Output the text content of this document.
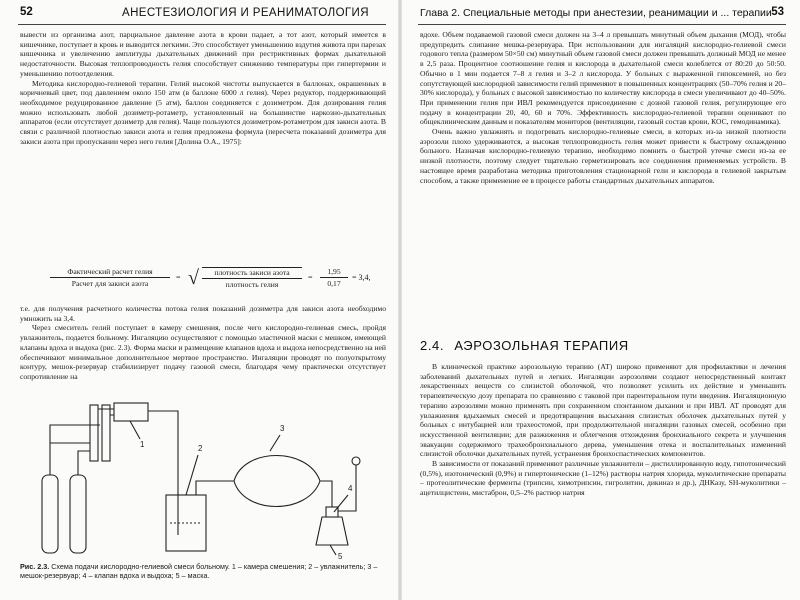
52	АНЕСТЕЗИОЛОГИЯ И РЕАНИМАТОЛОГИЯ

вывести из организма азот, парциальное давление азота в крови падает, а тот азот, который имеется в кишечнике, поступает в кровь и выводится легкими. Это способствует уменьшению вздутия живота при парезах кишечника и увеличению амплитуды дыхательных движений при рестриктивных формах дыхательной недостаточности. Высокая теплопроводность гелия способствует снижению температуры при гипертермии и уменьшению потоотделения.

Методика кислородно-гелиевой терапии. Гелий высокой чистоты выпускается в баллонах, окрашенных в коричневый цвет, под давлением около 150 атм (в баллоне 6000 л гелия). Через редуктор, поддерживающий необходимое редуцированное давление (5 атм), баллон соединяется с дозиметром. Для дозирования гелия можно использовать любой дозиметр-ротаметр, установленный на большинстве наркозно-дыхательных аппаратов (если отсутствует дозиметр для гелия). Чаще пользуются дозиметром-ротаметром для закиси азота. В связи с различной плотностью закиси азота и гелия предложена формула (пересчета показаний дозиметра для закиси азота при пропускании через него гелия [Долина О.А., 1975]:

Фактический расчет гелия
Расчет для закиси азота
= √	плотность закиси азота
плотность гелия
= $\frac{1,95}{0,17} = 3,4$,

т.е. для получения расчетного количества потока гелия показаний дозиметра для закиси азота необходимо умножить на 3,4.

Через смеситель гелий поступает в камеру смешения, после чего кислородно-гелиевая смесь, пройдя увлажнитель, подается больному. Ингаляцию осуществляют с помощью эластичной маски с мешком, имеющей клапаны вдоха и выдоха (рис. 2.3). Форма маски и размещение клапанов вдоха и выдоха непосредственно на ней обеспечивают минимальное дополнительное мертвое пространство. Ингаляции проводят по полуоткрытому контуру, мешок-резервуар стабилизирует подачу газовой смеси, благодаря чему практически отсутствует сопротивление на

1	2
3
4
5
Рис. 2.3. Схема подачи кислородно-гелиевой смеси больному. 1 – камера смешения; 2 – увлажнитель; 3 – мешок-резервуар; 4 – клапан вдоха и выдоха; 5 – маска.
Глава 2. Специальные методы при анестезии, реанимации и ... терапии 53

вдохе. Объем подаваемой газовой смеси должен на 3–4 л превышать минутный объем дыхания (МОД), чтобы предупредить слипание мешка-резервуара. При использовании для ингаляций кислородно-гелиевой смеси годового тепла (размером 50×50 см) минутный объем газовой смеси должен превышать должный МОД не менее в 2,5 раза. Процентное соотношение гелия и кислорода в дыхательной смеси колеблется от 80:20 до 50:50. Обычно в 1 мин подается 7–8 л гелия и 3–2 л кислорода. У больных с выраженной гипоксемией, но без сопутствующей кислородной зависимости гелий применяют в повышенных концентрациях (50–70% гелия и 20–30% кислорода), у больных с высокой зависимостью по количеству кислорода в смеси увеличивают до 40–50%. При применении гелия при ИВЛ рекомендуется присоединение с дозной газовой гелия, регулирующее его подачу в концентрации 20, 40, 60 и 70%. Эффективность кислородно-гелиевой терапии оценивают по общеклиническим данным и показателям мониторов (вентиляции, газовый состав крови, КОС, гемодинамика).

Очень важно увлажнять и подогревать кислородно-гелиевые смеси, в которых из-за низкой плотности аэрозоли плохо удерживаются, а высокая теплопроводность гелия может привести к быстрому охлаждению больного. Назначая кислородно-гелиевую терапию, необходимо помнить о быстрой утечке смеси из-за ее низкой плотности, поэтому следует тщательно герметизировать все соединения применяемых устройств. В настоящее время разработана методика приготовления стационарной гели и кислорода в гелиевой закрытым способом, а также применение ее в процессе работы стандартных дыхательных аппаратов.

2.4. АЭРОЗОЛЬНАЯ ТЕРАПИЯ

В клинической практике аэрозольную терапию (АТ) широко применяют для профилактики и лечения заболеваний дыхательных путей и легких. Ингаляции аэрозолями создают непосредственный контакт лекарственных веществ со слизистой оболочкой, что позволяет усилить их действие и уменьшить терапевтическую дозу препарата по сравнению с таковой при парентеральном пути введения. Ингаляционную терапию аэрозолями можно применять при сохраненном спонтанном дыхании и при ИВЛ. АТ проводят для увлажнения вдыхаемых смесей и предотвращения высыхания слизистых оболочек дыхательных путей у больных с интубацией или трахеостомой, при продолжительной ингаляции газовых смесей, особенно при искусственной вентиляции; для разжижения и облегчения отхождения бронхиального секрета и улучшения эвакуации содержимого трахеобронхиального дерева, уменьшения отека и воспалительных изменений слизистой оболочки дыхательных путей, устранения бронхоспастических компонентов.

В зависимости от показаний применяют различные увлажнители – дистиллированную воду, гипотонический (0,5%), изотонический (0,9%) и гипертонические (1–12%) растворы натрия хлорида, муколитические препараты – протеолитические ферменты (трипсин, химотрипсин, гигролитин, дикиназ и др.), ДНКазу, SH-муколитики – ацетилцистеин, мистаброн, 0,5–2% раствор натрия
